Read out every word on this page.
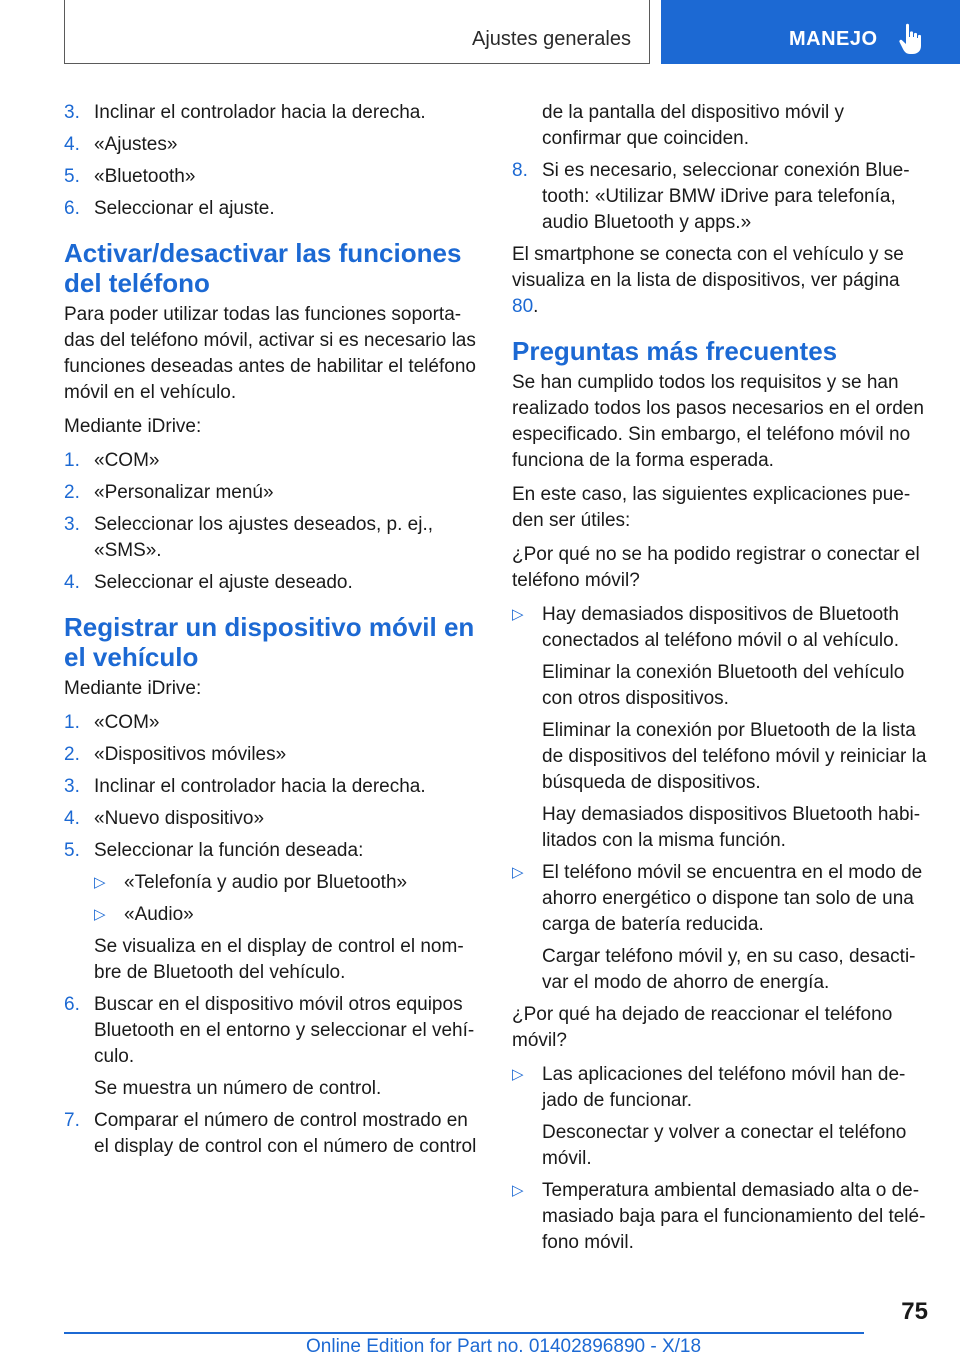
Ajustes generales	MANEJO
3. Inclinar el controlador hacia la derecha.
4. «Ajustes»
5. «Bluetooth»
6. Seleccionar el ajuste.
Activar/desactivar las funciones del teléfono

Para poder utilizar todas las funciones soportadas del teléfono móvil, activar si es necesario las funciones deseadas antes de habilitar el teléfono móvil en el vehículo.

Mediante iDrive:

1. «COM»
2. «Personalizar menú»
3. Seleccionar los ajustes deseados, p. ej., «SMS».
4. Seleccionar el ajuste deseado.
Registrar un dispositivo móvil en el vehículo

Mediante iDrive:

1. «COM»
2. «Dispositivos móviles»
3. Inclinar el controlador hacia la derecha.
4. «Nuevo dispositivo»
5. Seleccionar la función deseada:
▷ «Telefonía y audio por Bluetooth»
▷ «Audio»
Se visualiza en el display de control el nombre de Bluetooth del vehículo.
6. Buscar en el dispositivo móvil otros equipos Bluetooth en el entorno y seleccionar el vehículo.
Se muestra un número de control.
7. Comparar el número de control mostrado en el display de control con el número de control
de la pantalla del dispositivo móvil y confirmar que coinciden.
8. Si es necesario, seleccionar conexión Bluetooth: «Utilizar BMW iDrive para telefonía, audio Bluetooth y apps.»

El smartphone se conecta con el vehículo y se visualiza en la lista de dispositivos, ver página 80.

Preguntas más frecuentes

Se han cumplido todos los requisitos y se han realizado todos los pasos necesarios en el orden especificado. Sin embargo, el teléfono móvil no funciona de la forma esperada.

En este caso, las siguientes explicaciones pueden ser útiles:

¿Por qué no se ha podido registrar o conectar el teléfono móvil?

▷ Hay demasiados dispositivos de Bluetooth conectados al teléfono móvil o al vehículo.
Eliminar la conexión Bluetooth del vehículo con otros dispositivos.
Eliminar la conexión por Bluetooth de la lista de dispositivos del teléfono móvil y reiniciar la búsqueda de dispositivos.
Hay demasiados dispositivos Bluetooth habilitados con la misma función.
▷ El teléfono móvil se encuentra en el modo de ahorro energético o dispone tan solo de una carga de batería reducida.
Cargar teléfono móvil y, en su caso, desactivar el modo de ahorro de energía.

¿Por qué ha dejado de reaccionar el teléfono móvil?

▷ Las aplicaciones del teléfono móvil han dejado de funcionar.
Desconectar y volver a conectar el teléfono móvil.
▷ Temperatura ambiental demasiado alta o demasiado baja para el funcionamiento del teléfono móvil.
75
Online Edition for Part no. 01402896890 - X/18
